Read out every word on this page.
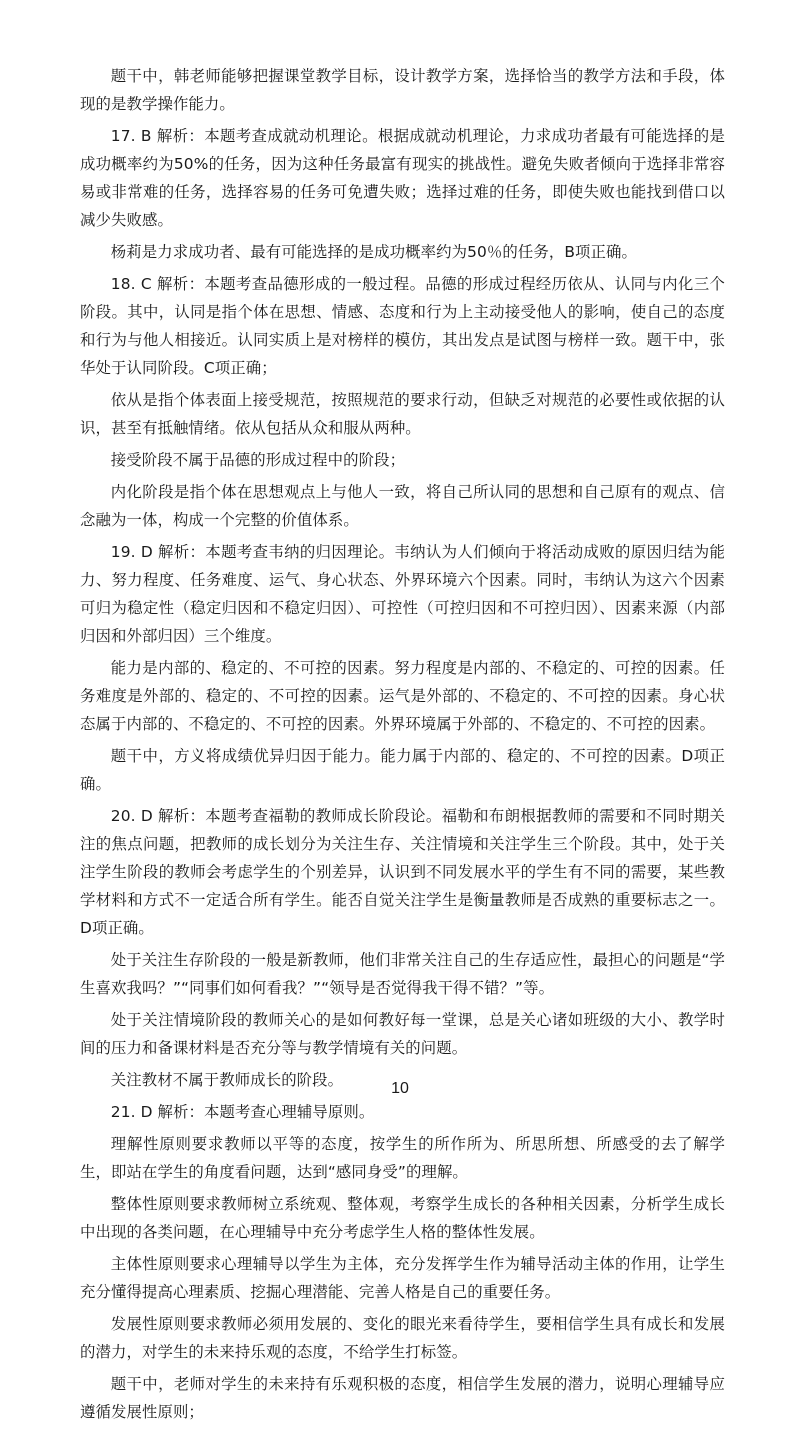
题干中，韩老师能够把握课堂教学目标，设计教学方案，选择恰当的教学方法和手段，体现的是教学操作能力。

17. B 解析：本题考查成就动机理论。根据成就动机理论，力求成功者最有可能选择的是成功概率约为50%的任务，因为这种任务最富有现实的挑战性。避免失败者倾向于选择非常容易或非常难的任务，选择容易的任务可免遭失败；选择过难的任务，即使失败也能找到借口以减少失败感。

杨莉是力求成功者、最有可能选择的是成功概率约为50％的任务，B项正确。

18. C 解析：本题考查品德形成的一般过程。品德的形成过程经历依从、认同与内化三个阶段。其中，认同是指个体在思想、情感、态度和行为上主动接受他人的影响，使自己的态度和行为与他人相接近。认同实质上是对榜样的模仿，其出发点是试图与榜样一致。题干中，张华处于认同阶段。C项正确；

依从是指个体表面上接受规范，按照规范的要求行动，但缺乏对规范的必要性或依据的认识，甚至有抵触情绪。依从包括从众和服从两种。

接受阶段不属于品德的形成过程中的阶段；

内化阶段是指个体在思想观点上与他人一致，将自己所认同的思想和自己原有的观点、信念融为一体，构成一个完整的价值体系。

19. D 解析：本题考查韦纳的归因理论。韦纳认为人们倾向于将活动成败的原因归结为能力、努力程度、任务难度、运气、身心状态、外界环境六个因素。同时，韦纳认为这六个因素可归为稳定性（稳定归因和不稳定归因）、可控性（可控归因和不可控归因）、因素来源（内部归因和外部归因）三个维度。

能力是内部的、稳定的、不可控的因素。努力程度是内部的、不稳定的、可控的因素。任务难度是外部的、稳定的、不可控的因素。运气是外部的、不稳定的、不可控的因素。身心状态属于内部的、不稳定的、不可控的因素。外界环境属于外部的、不稳定的、不可控的因素。

题干中，方义将成绩优异归因于能力。能力属于内部的、稳定的、不可控的因素。D项正确。

20. D 解析：本题考查福勒的教师成长阶段论。福勒和布朗根据教师的需要和不同时期关注的焦点问题，把教师的成长划分为关注生存、关注情境和关注学生三个阶段。其中，处于关注学生阶段的教师会考虑学生的个别差异，认识到不同发展水平的学生有不同的需要，某些教学材料和方式不一定适合所有学生。能否自觉关注学生是衡量教师是否成熟的重要标志之一。D项正确。

处于关注生存阶段的一般是新教师，他们非常关注自己的生存适应性，最担心的问题是“学生喜欢我吗？”“同事们如何看我？”“领导是否觉得我干得不错？”等。

处于关注情境阶段的教师关心的是如何教好每一堂课，总是关心诸如班级的大小、教学时间的压力和备课材料是否充分等与教学情境有关的问题。

关注教材不属于教师成长的阶段。

21. D 解析：本题考查心理辅导原则。

理解性原则要求教师以平等的态度，按学生的所作所为、所思所想、所感受的去了解学生，即站在学生的角度看问题，达到“感同身受”的理解。

整体性原则要求教师树立系统观、整体观，考察学生成长的各种相关因素，分析学生成长中出现的各类问题，在心理辅导中充分考虑学生人格的整体性发展。

主体性原则要求心理辅导以学生为主体，充分发挥学生作为辅导活动主体的作用，让学生充分懂得提高心理素质、挖掘心理潜能、完善人格是自己的重要任务。

发展性原则要求教师必须用发展的、变化的眼光来看待学生，要相信学生具有成长和发展的潜力，对学生的未来持乐观的态度，不给学生打标签。

题干中，老师对学生的未来持有乐观积极的态度，相信学生发展的潜力，说明心理辅导应遵循发展性原则；

10
